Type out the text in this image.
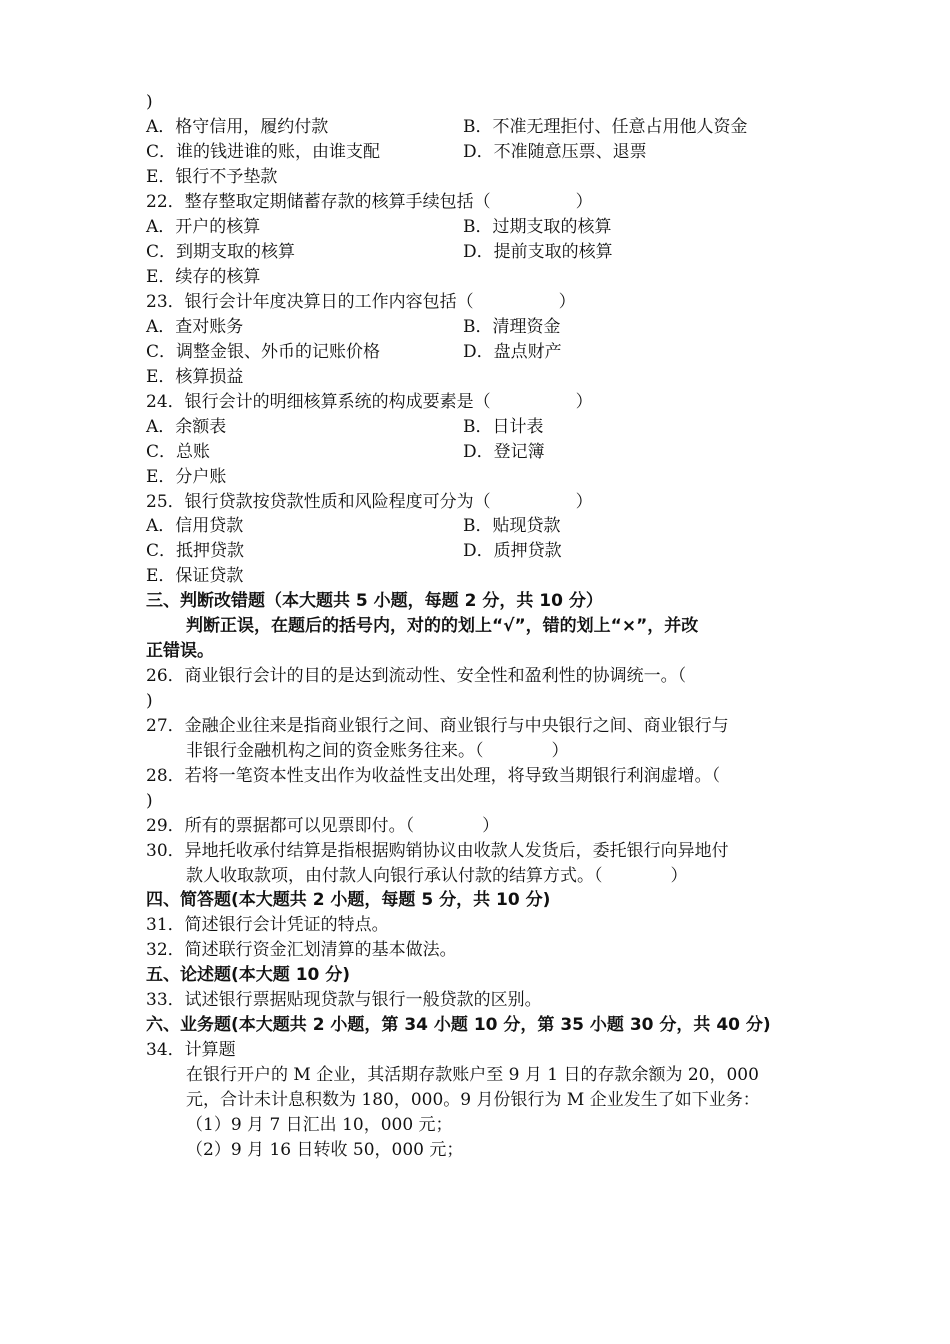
)
A．格守信用，履约付款	B．不准无理拒付、任意占用他人资金
C．谁的钱进谁的账，由谁支配	D．不准随意压票、退票
E．银行不予垫款
22．整存整取定期储蓄存款的核算手续包括（　　　　　）
A．开户的核算	B．过期支取的核算
C．到期支取的核算	D．提前支取的核算
E．续存的核算
23．银行会计年度决算日的工作内容包括（　　　　　）
A．查对账务	B．清理资金
C．调整金银、外币的记账价格	D．盘点财产
E．核算损益
24．银行会计的明细核算系统的构成要素是（　　　　　）
A．余额表	B．日计表
C．总账	D．登记簿
E．分户账
25．银行贷款按贷款性质和风险程度可分为（　　　　　）
A．信用贷款	B．贴现贷款
C．抵押贷款	D．质押贷款
E．保证贷款
三、判断改错题（本大题共 5 小题，每题 2 分，共 10 分）
判断正误，在题后的括号内，对的的划上“√”，错的划上“×”，并改
正错误。
26．商业银行会计的目的是达到流动性、安全性和盈利性的协调统一。（
)
27．金融企业往来是指商业银行之间、商业银行与中央银行之间、商业银行与
非银行金融机构之间的资金账务往来。（　　　　）
28．若将一笔资本性支出作为收益性支出处理，将导致当期银行利润虚增。（
)
29．所有的票据都可以见票即付。（　　　　）
30．异地托收承付结算是指根据购销协议由收款人发货后，委托银行向异地付
款人收取款项，由付款人向银行承认付款的结算方式。（　　　　）
四、简答题(本大题共 2 小题，每题 5 分，共 10 分)
31．简述银行会计凭证的特点。
32．简述联行资金汇划清算的基本做法。
五、论述题(本大题 10 分)
33．试述银行票据贴现贷款与银行一般贷款的区别。
六、业务题(本大题共 2 小题，第 34 小题 10 分，第 35 小题 30 分，共 40 分)
34．计算题
在银行开户的 M 企业，其活期存款账户至 9 月 1 日的存款余额为 20，000
元，合计未计息积数为 180，000。9 月份银行为 M 企业发生了如下业务：
（1）9 月 7 日汇出 10，000 元；
（2）9 月 16 日转收 50，000 元；
